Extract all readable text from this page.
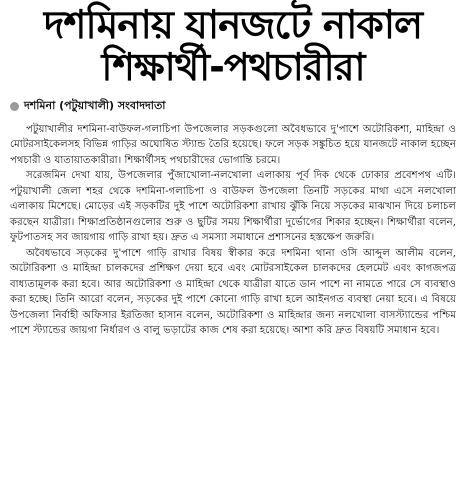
দশমিনায় যানজটে নাকাল
শিক্ষার্থী-পথচারীরা
দশমিনা (পটুয়াখালী) সংবাদদাতা

পটুয়াখালীর দশমিনা-বাউফল-গলাচিপা উপজেলার সড়কগুলো অবৈধভাবে দু'পাশে অটোরিকশা, মাহিন্দ্রা ও মোটরসাইকেলসহ বিভিন্ন গাড়ির অঘোষিত স্ট্যান্ড তৈরি হয়েছে। ফলে সড়ক সঙ্কুচিত হয়ে যানজটে নাকাল হচ্ছেন পথচারী ও যাতায়াতকারীরা। শিক্ষার্থীসহ পথচারীদের ভোগান্তি চরমে।

সরেজমিন দেখা যায়, উপজেলার পুঁজাখোলা-নলখোলা এলাকায় পূর্ব দিক থেকে ঢোকার প্রবেশপথ এটি। পটুয়াখালী জেলা শহর থেকে দশমিনা-গলাচিপা ও বাউফল উপজেলা তিনটি সড়কের মাথা এসে নলখোলা এলাকায় মিশেছে। মোড়ের এই সড়কটির দুই পাশে অটোরিকশা রাখায় ঝুঁকি নিয়ে সড়কের মাঝখান দিয়ে চলাচল করছেন যাত্রীরা। শিক্ষাপ্রতিষ্ঠানগুলোর শুরু ও ছুটির সময় শিক্ষার্থীরা দুর্ভোগের শিকার হচ্ছেন। শিক্ষার্থীরা বলেন, ফুটপাতসহ সব জায়গায় গাড়ি রাখা হয়। দ্রুত এ সমস্যা সমাধানে প্রশাসনের হস্তক্ষেপ জরুরি।

অবৈধভাবে সড়কের দু'পাশে গাড়ি রাখার বিষয় স্বীকার করে দশমিনা থানা ওসি আব্দুল আলীম বলেন, অটোরিকশা ও মাহিন্দ্রা চালকদের প্রশিক্ষণ দেয়া হবে এবং মোটরসাইকেল চালকদের হেলমেট এবং কাগজপত্র বাধ্যতামূলক করা হবে। আর অটোরিকশা ও মাহিন্দ্রা থেকে যাত্রীরা যাতে ডান পাশে না নামতে পারে সে ব্যবস্থাও করা হচ্ছে। তিনি আরো বলেন, সড়কের দুই পাশে কোনো গাড়ি রাখা হলে আইনগত ব্যবস্থা নেয়া হবে। এ বিষয়ে উপজেলা নির্বাহী অফিসার ইরতিজা হাসান বলেন, অটোরিকশা ও মাহিন্দ্রার জন্য নলখোলা বাসস্ট্যান্ডের পশ্চিম পাশে স্ট্যান্ডের জায়গা নির্ধারণ ও বালু ভড়াটের কাজ শেষ করা হয়েছে। আশা করি দ্রুত বিষয়টি সমাধান হবে।
